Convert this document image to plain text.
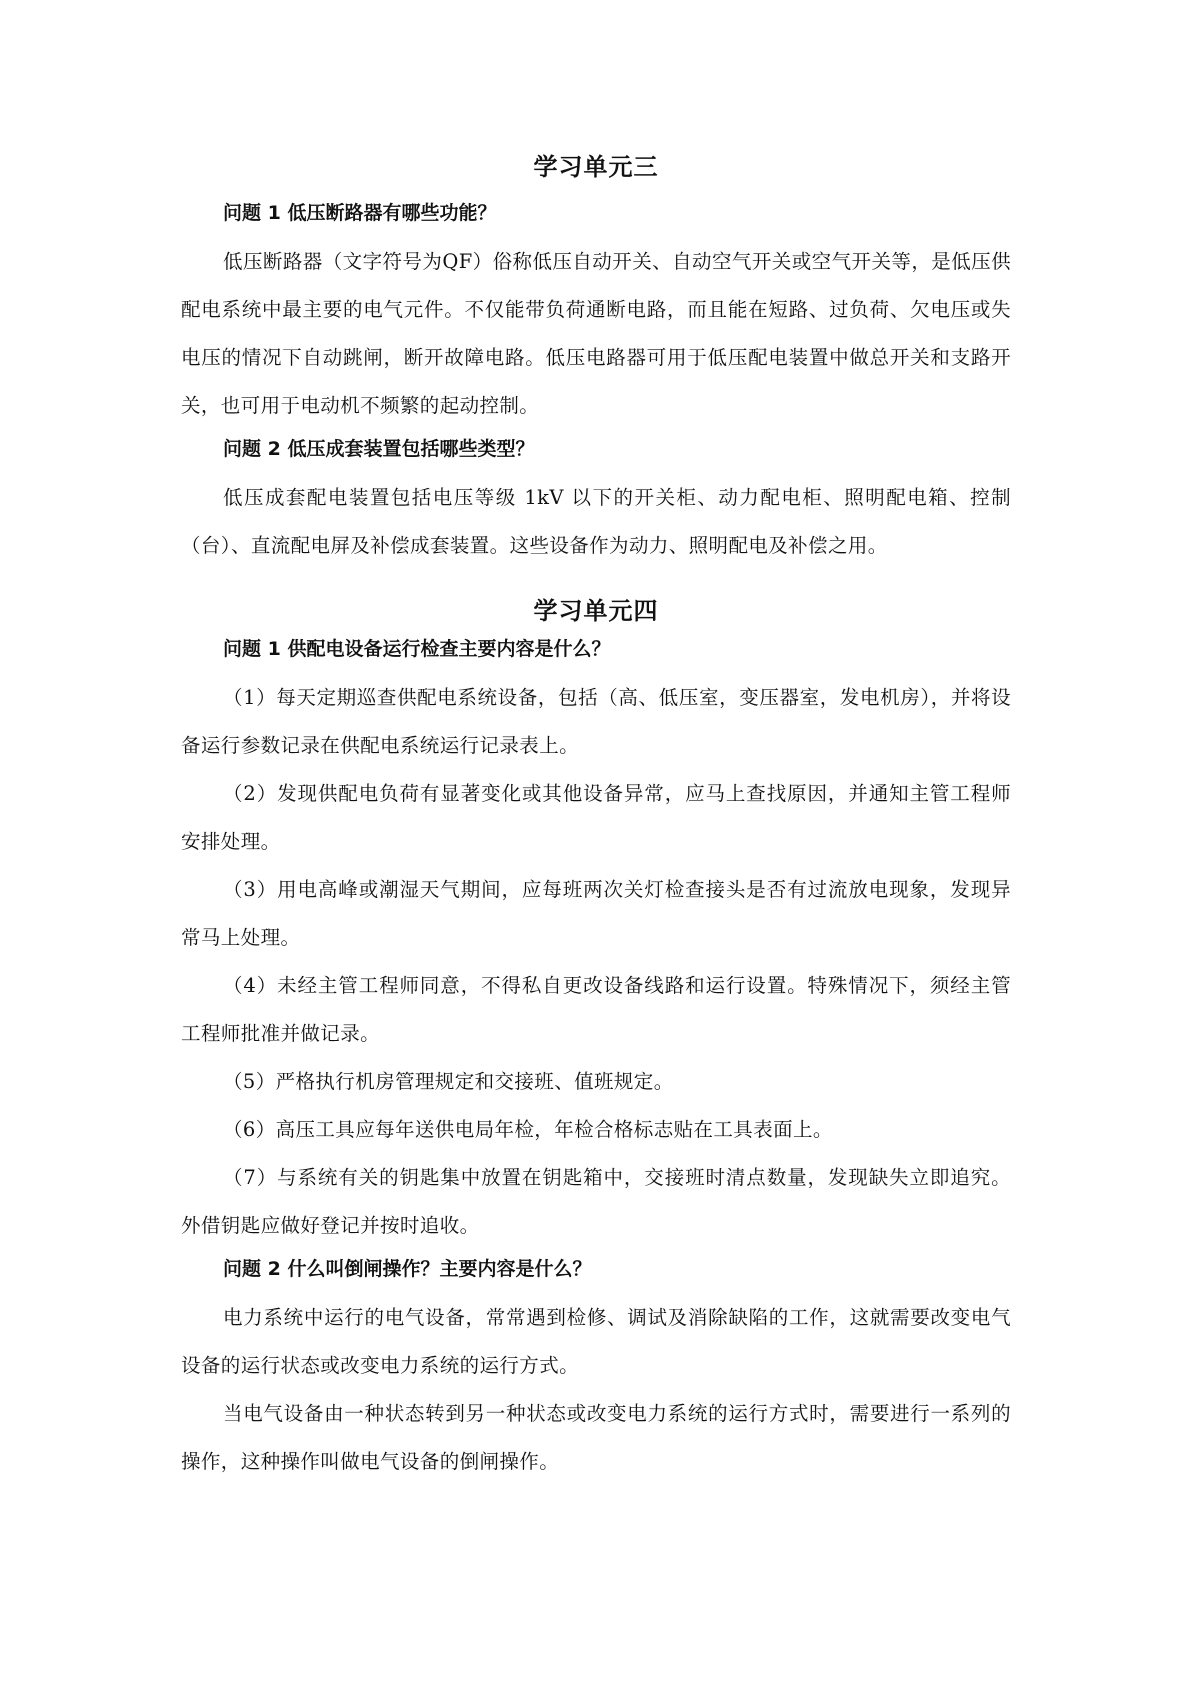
学习单元三

问题 1 低压断路器有哪些功能？

低压断路器（文字符号为QF）俗称低压自动开关、自动空气开关或空气开关等，是低压供配电系统中最主要的电气元件。不仅能带负荷通断电路，而且能在短路、过负荷、欠电压或失电压的情况下自动跳闸，断开故障电路。低压电路器可用于低压配电装置中做总开关和支路开关，也可用于电动机不频繁的起动控制。

问题 2 低压成套装置包括哪些类型？

低压成套配电装置包括电压等级 1kV 以下的开关柜、动力配电柜、照明配电箱、控制（台）、直流配电屏及补偿成套装置。这些设备作为动力、照明配电及补偿之用。

学习单元四

问题 1 供配电设备运行检查主要内容是什么？

（1）每天定期巡查供配电系统设备，包括（高、低压室，变压器室，发电机房），并将设备运行参数记录在供配电系统运行记录表上。

（2）发现供配电负荷有显著变化或其他设备异常，应马上查找原因，并通知主管工程师安排处理。

（3）用电高峰或潮湿天气期间，应每班两次关灯检查接头是否有过流放电现象，发现异常马上处理。

（4）未经主管工程师同意，不得私自更改设备线路和运行设置。特殊情况下，须经主管工程师批准并做记录。

（5）严格执行机房管理规定和交接班、值班规定。

（6）高压工具应每年送供电局年检，年检合格标志贴在工具表面上。

（7）与系统有关的钥匙集中放置在钥匙箱中，交接班时清点数量，发现缺失立即追究。外借钥匙应做好登记并按时追收。

问题 2 什么叫倒闸操作？主要内容是什么？

电力系统中运行的电气设备，常常遇到检修、调试及消除缺陷的工作，这就需要改变电气设备的运行状态或改变电力系统的运行方式。

当电气设备由一种状态转到另一种状态或改变电力系统的运行方式时，需要进行一系列的操作，这种操作叫做电气设备的倒闸操作。
